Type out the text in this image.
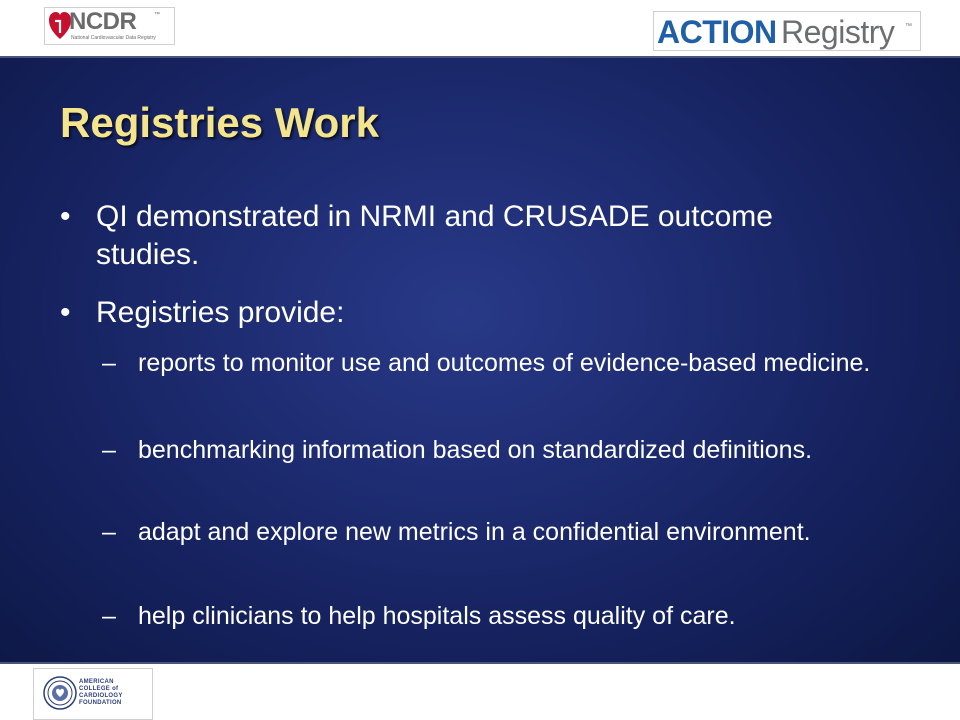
NCDR	™
National Cardiovascular Data Registry	ACTION Registry ™
Registries Work
• QI demonstrated in NRMI and CRUSADE outcome studies.
• Registries provide:
– reports to monitor use and outcomes of evidence-based medicine.
– benchmarking information based on standardized definitions.
– adapt and explore new metrics in a confidential environment.
– help clinicians to help hospitals assess quality of care.
AMERICAN
COLLEGE of
CARDIOLOGY
FOUNDATION
